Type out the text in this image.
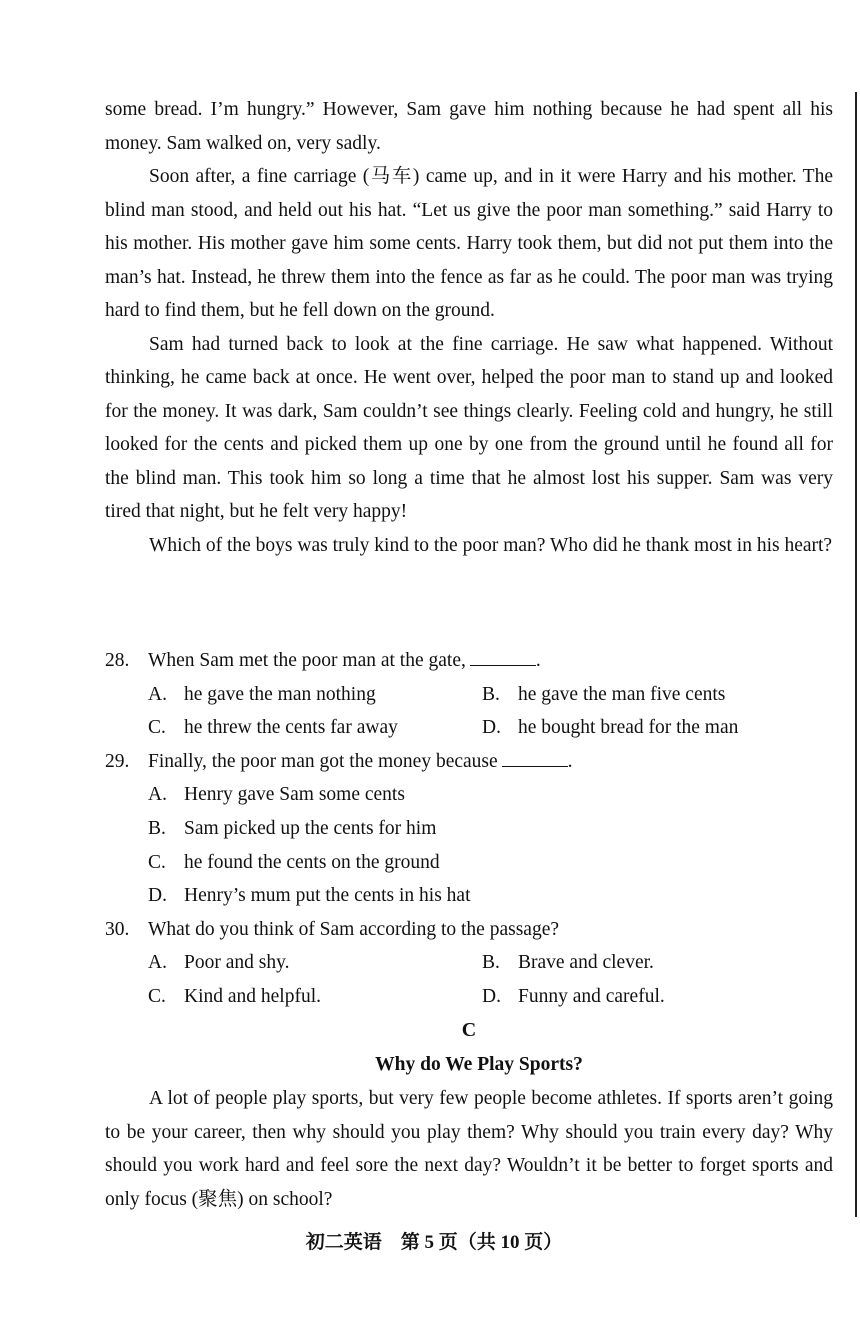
some bread. I’m hungry.” However, Sam gave him nothing because he had spent all his money. Sam walked on, very sadly.

Soon after, a fine carriage (马车) came up, and in it were Harry and his mother. The blind man stood, and held out his hat. “Let us give the poor man something.” said Harry to his mother. His mother gave him some cents. Harry took them, but did not put them into the man’s hat. Instead, he threw them into the fence as far as he could. The poor man was trying hard to find them, but he fell down on the ground.

Sam had turned back to look at the fine carriage. He saw what happened. Without thinking, he came back at once. He went over, helped the poor man to stand up and looked for the money. It was dark, Sam couldn’t see things clearly. Feeling cold and hungry, he still looked for the cents and picked them up one by one from the ground until he found all for the blind man. This took him so long a time that he almost lost his supper. Sam was very tired that night, but he felt very happy!

Which of the boys was truly kind to the poor man? Who did he thank most in his heart?

28. When Sam met the poor man at the gate,	.
A. he gave the man nothing	B. he gave the man five cents
C. he threw the cents far away	D. he bought bread for the man
29. Finally, the poor man got the money because	.
A. Henry gave Sam some cents
B. Sam picked up the cents for him
C. he found the cents on the ground
D. Henry’s mum put the cents in his hat
30. What do you think of Sam according to the passage?
A. Poor and shy.	B. Brave and clever.
C. Kind and helpful.	D. Funny and careful.
C
Why do We Play Sports?

A lot of people play sports, but very few people become athletes. If sports aren’t going to be your career, then why should you play them? Why should you train every day? Why should you work hard and feel sore the next day? Wouldn’t it be better to forget sports and only focus (聚焦) on school?

初二英语　第 5 页（共 10 页）
